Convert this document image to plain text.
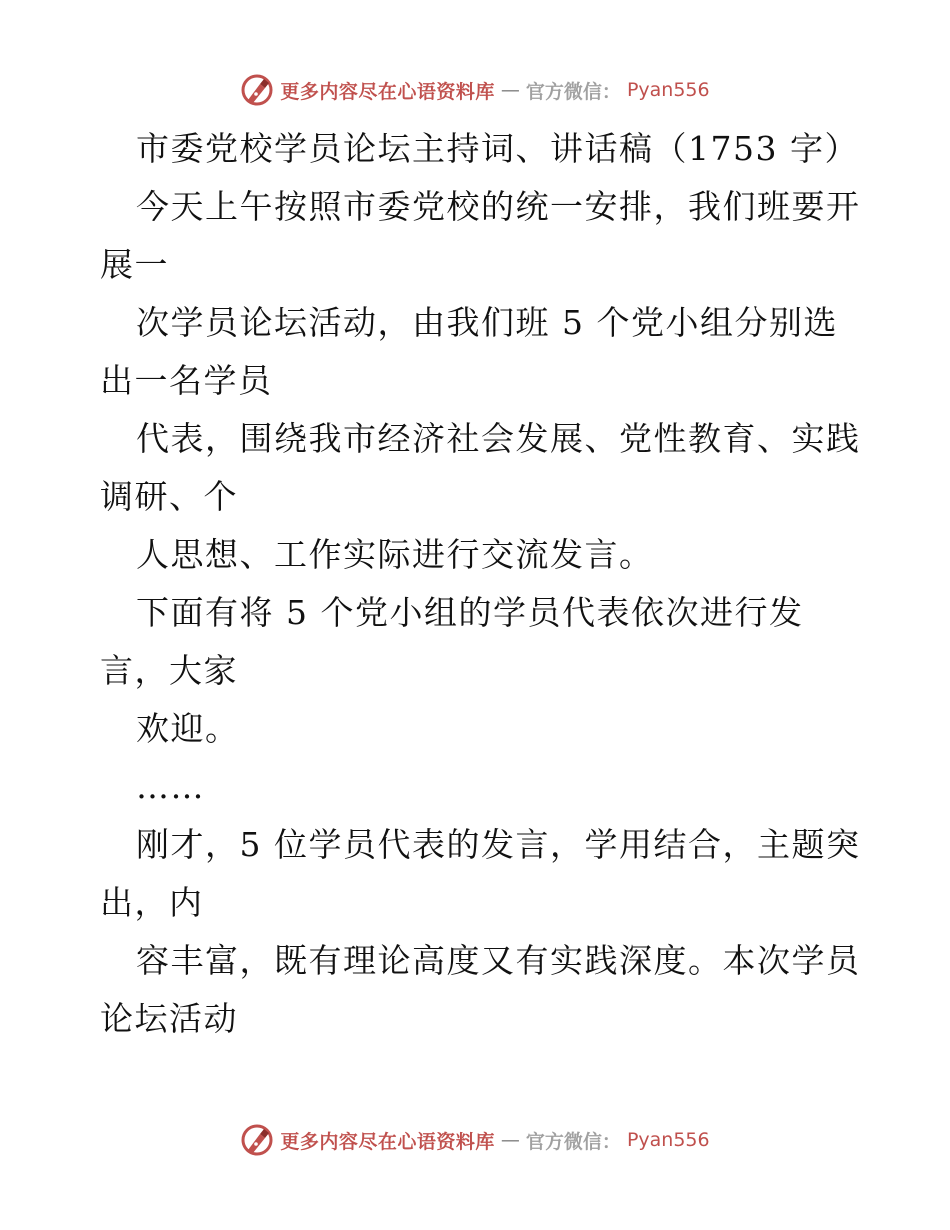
更多内容尽在心语资料库 — 官方微信： Pyan556
市委党校学员论坛主持词、讲话稿（1753 字）
今天上午按照市委党校的统一安排，我们班要开
展一
次学员论坛活动，由我们班 5 个党小组分别选
出一名学员
代表，围绕我市经济社会发展、党性教育、实践
调研、个
人思想、工作实际进行交流发言。
下面有将 5 个党小组的学员代表依次进行发
言，大家
欢迎。
……
刚才，5 位学员代表的发言，学用结合，主题突
出，内
容丰富，既有理论高度又有实践深度。本次学员
论坛活动
更多内容尽在心语资料库 — 官方微信： Pyan556
